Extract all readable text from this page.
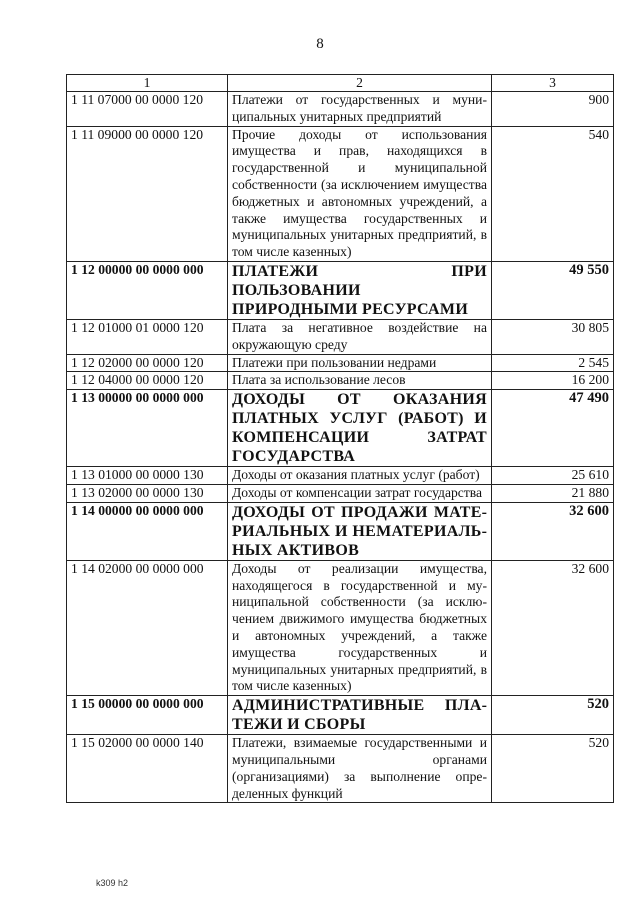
8
1	2	3
1 11 07000 00 0000 120	Платежи от государственных и муниципальных унитарных предприятий	900
1 11 09000 00 0000 120	Прочие доходы от использования имущества и прав, находящихся в государственной и муниципальной собственности (за исключением имущества бюджетных и автономных учреждений, а также имущества государственных и муниципальных унитарных предприятий, в том числе казенных)	540
1 12 00000 00 0000 000	ПЛАТЕЖИ ПРИ ПОЛЬЗОВАНИИ ПРИРОДНЫМИ РЕСУРСАМИ	49 550
1 12 01000 01 0000 120	Плата за негативное воздействие на окружающую среду	30 805
1 12 02000 00 0000 120	Платежи при пользовании недрами	2 545
1 12 04000 00 0000 120	Плата за использование лесов	16 200
1 13 00000 00 0000 000	ДОХОДЫ ОТ ОКАЗАНИЯ ПЛАТНЫХ УСЛУГ (РАБОТ) И КОМПЕНСАЦИИ ЗАТРАТ ГОСУДАРСТВА	47 490
1 13 01000 00 0000 130	Доходы от оказания платных услуг (работ)	25 610
1 13 02000 00 0000 130	Доходы от компенсации затрат государства	21 880
1 14 00000 00 0000 000	ДОХОДЫ ОТ ПРОДАЖИ МАТЕРИАЛЬНЫХ И НЕМАТЕРИАЛЬНЫХ АКТИВОВ	32 600
1 14 02000 00 0000 000	Доходы от реализации имущества, находящегося в государственной и муниципальной собственности (за исключением движимого имущества бюджетных и автономных учреждений, а также имущества государственных и муниципальных унитарных предприятий, в том числе казенных)	32 600
1 15 00000 00 0000 000	АДМИНИСТРАТИВНЫЕ ПЛАТЕЖИ И СБОРЫ	520
1 15 02000 00 0000 140	Платежи, взимаемые государственными и муниципальными органами (организациями) за выполнение определенных функций	520
k309 h2
